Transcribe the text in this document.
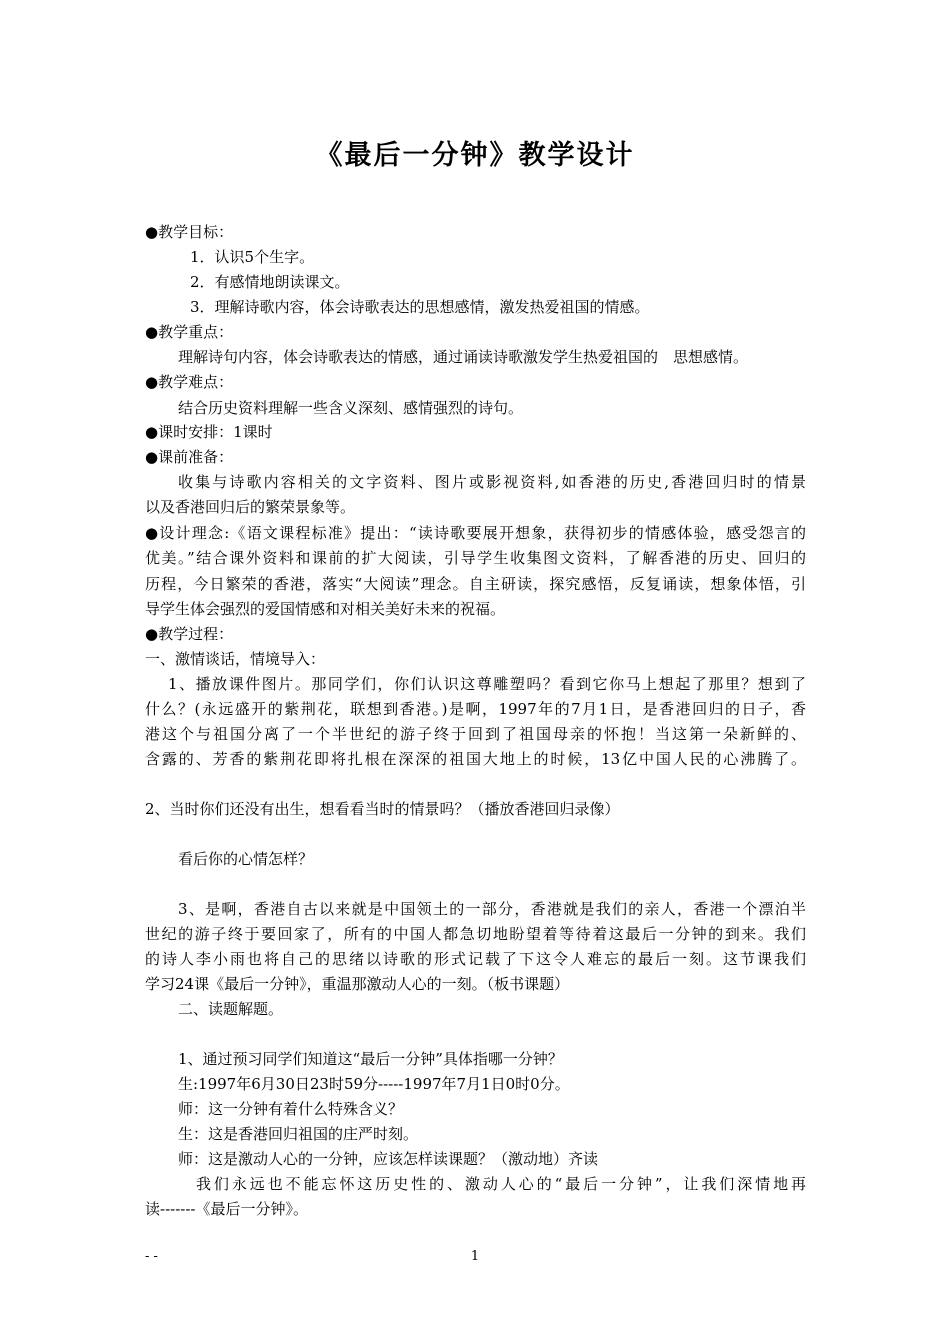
《最后一分钟》教学设计
●教学目标：
1．认识5个生字。
2．有感情地朗读课文。
3．理解诗歌内容，体会诗歌表达的思想感情，激发热爱祖国的情感。
●教学重点：
理解诗句内容，体会诗歌表达的情感，通过诵读诗歌激发学生热爱祖国的　思想感情。
●教学难点：
结合历史资料理解一些含义深刻、感情强烈的诗句。
●课时安排：1课时
●课前准备：
收集与诗歌内容相关的文字资料、图片或影视资料,如香港的历史,香港回归时的情景
以及香港回归后的繁荣景象等。
●设计理念:《语文课程标准》提出：“读诗歌要展开想象，获得初步的情感体验，感受怨言的
优美。”结合课外资料和课前的扩大阅读，引导学生收集图文资料，了解香港的历史、回归的
历程，今日繁荣的香港，落实“大阅读”理念。自主研读，探究感悟，反复诵读，想象体悟，引
导学生体会强烈的爱国情感和对相关美好未来的祝福。
●教学过程：
一、激情谈话，情境导入：
1、播放课件图片。那同学们，你们认识这尊雕塑吗？看到它你马上想起了那里？想到了
什么？(永远盛开的紫荆花，联想到香港。)是啊，1997年的7月1日，是香港回归的日子，香
港这个与祖国分离了一个半世纪的游子终于回到了祖国母亲的怀抱！当这第一朵新鲜的、
含露的、芳香的紫荆花即将扎根在深深的祖国大地上的时候，13亿中国人民的心沸腾了。
2、当时你们还没有出生，想看看当时的情景吗？（播放香港回归录像）
看后你的心情怎样？
3、是啊，香港自古以来就是中国领土的一部分，香港就是我们的亲人，香港一个漂泊半
世纪的游子终于要回家了，所有的中国人都急切地盼望着等待着这最后一分钟的到来。我们
的诗人李小雨也将自己的思绪以诗歌的形式记载了下这令人难忘的最后一刻。这节课我们
学习24课《最后一分钟》，重温那激动人心的一刻。（板书课题）
二、读题解题。
1、通过预习同学们知道这“最后一分钟”具体指哪一分钟？
生:1997年6月30日23时59分-----1997年7月1日0时0分。
师：这一分钟有着什么特殊含义？
生：这是香港回归祖国的庄严时刻。
师：这是激动人心的一分钟，应该怎样读课题？（激动地）齐读
我们永远也不能忘怀这历史性的、激动人心的“最后一分钟”，让我们深情地再
读-------《最后一分钟》。
- -	1
